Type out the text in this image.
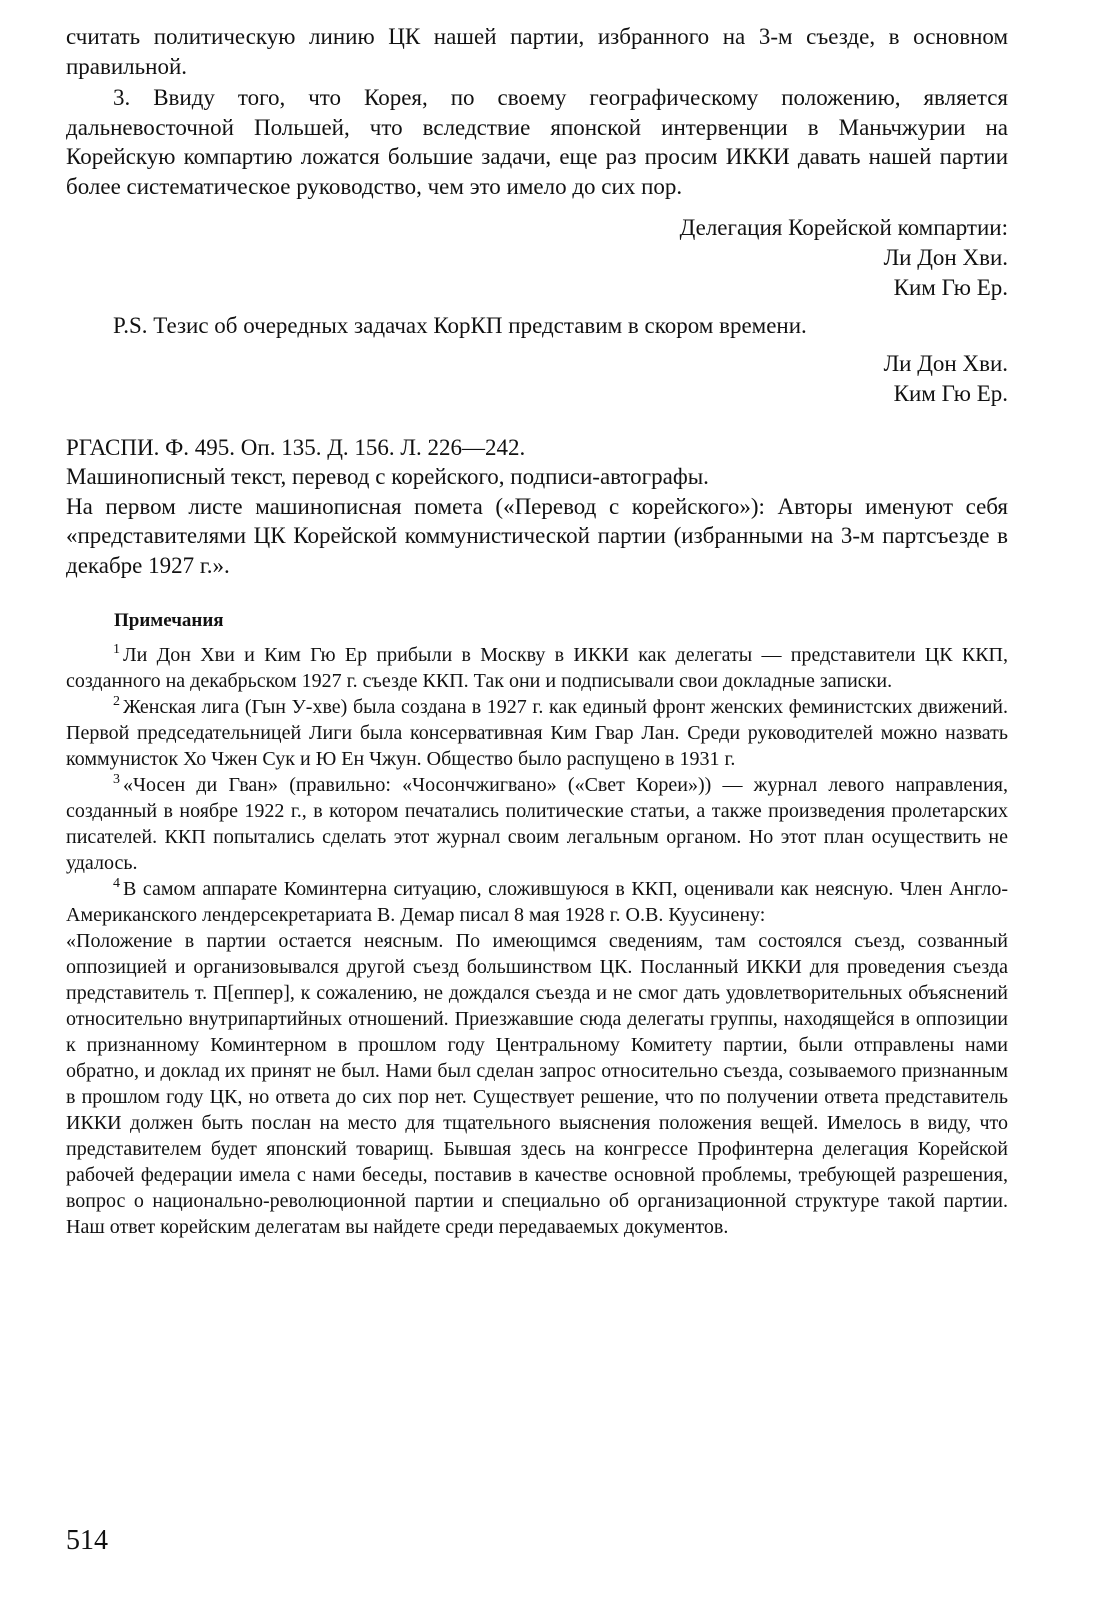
считать политическую линию ЦК нашей партии, избранного на 3-м съезде, в основном правильной.

3. Ввиду того, что Корея, по своему географическому положению, является дальневосточной Польшей, что вследствие японской интервенции в Маньчжурии на Корейскую компартию ложатся большие задачи, еще раз просим ИККИ давать нашей партии более систематическое руководство, чем это имело до сих пор.

Делегация Корейской компартии:
Ли Дон Хви.
Ким Гю Ер.

P.S. Тезис об очередных задачах КорКП представим в скором времени.

Ли Дон Хви.
Ким Гю Ер.

РГАСПИ. Ф. 495. Оп. 135. Д. 156. Л. 226—242.

Машинописный текст, перевод с корейского, подписи-автографы.

На первом листе машинописная помета («Перевод с корейского»): Авторы именуют себя «представителями ЦК Корейской коммунистической партии (избранными на 3-м партсъезде в декабре 1927 г.».

Примечания

$^1$ Ли Дон Хви и Ким Гю Ер прибыли в Москву в ИККИ как делегаты — представители ЦК ККП, созданного на декабрьском 1927 г. съезде ККП. Так они и подписывали свои докладные записки.

$^2$ Женская лига (Гын У-хве) была создана в 1927 г. как единый фронт женских феминистских движений. Первой председательницей Лиги была консервативная Ким Гвар Лан. Среди руководителей можно назвать коммунисток Хо Чжен Сук и Ю Ен Чжун. Общество было распущено в 1931 г.

$^3$ «Чосен ди Гван» (правильно: «Чосончжигвано» («Свет Кореи»)) — журнал левого направления, созданный в ноябре 1922 г., в котором печатались политические статьи, а также произведения пролетарских писателей. ККП попытались сделать этот журнал своим легальным органом. Но этот план осуществить не удалось.

$^4$ В самом аппарате Коминтерна ситуацию, сложившуюся в ККП, оценивали как неясную. Член Англо-Американского лендерсекретариата В. Демар писал 8 мая 1928 г. О.В. Куусинену:

«Положение в партии остается неясным. По имеющимся сведениям, там состоялся съезд, созванный оппозицией и организовывался другой съезд большинством ЦК. Посланный ИККИ для проведения съезда представитель т. П[еппер], к сожалению, не дождался съезда и не смог дать удовлетворительных объяснений относительно внутрипартийных отношений. Приезжавшие сюда делегаты группы, находящейся в оппозиции к признанному Коминтерном в прошлом году Центральному Комитету партии, были отправлены нами обратно, и доклад их принят не был. Нами был сделан запрос относительно съезда, созываемого признанным в прошлом году ЦК, но ответа до сих пор нет. Существует решение, что по получении ответа представитель ИККИ должен быть послан на место для тщательного выяснения положения вещей. Имелось в виду, что представителем будет японский товарищ. Бывшая здесь на конгрессе Профинтерна делегация Корейской рабочей федерации имела с нами беседы, поставив в качестве основной проблемы, требующей разрешения, вопрос о национально-революционной партии и специально об организационной структуре такой партии. Наш ответ корейским делегатам вы найдете среди передаваемых документов.

514
